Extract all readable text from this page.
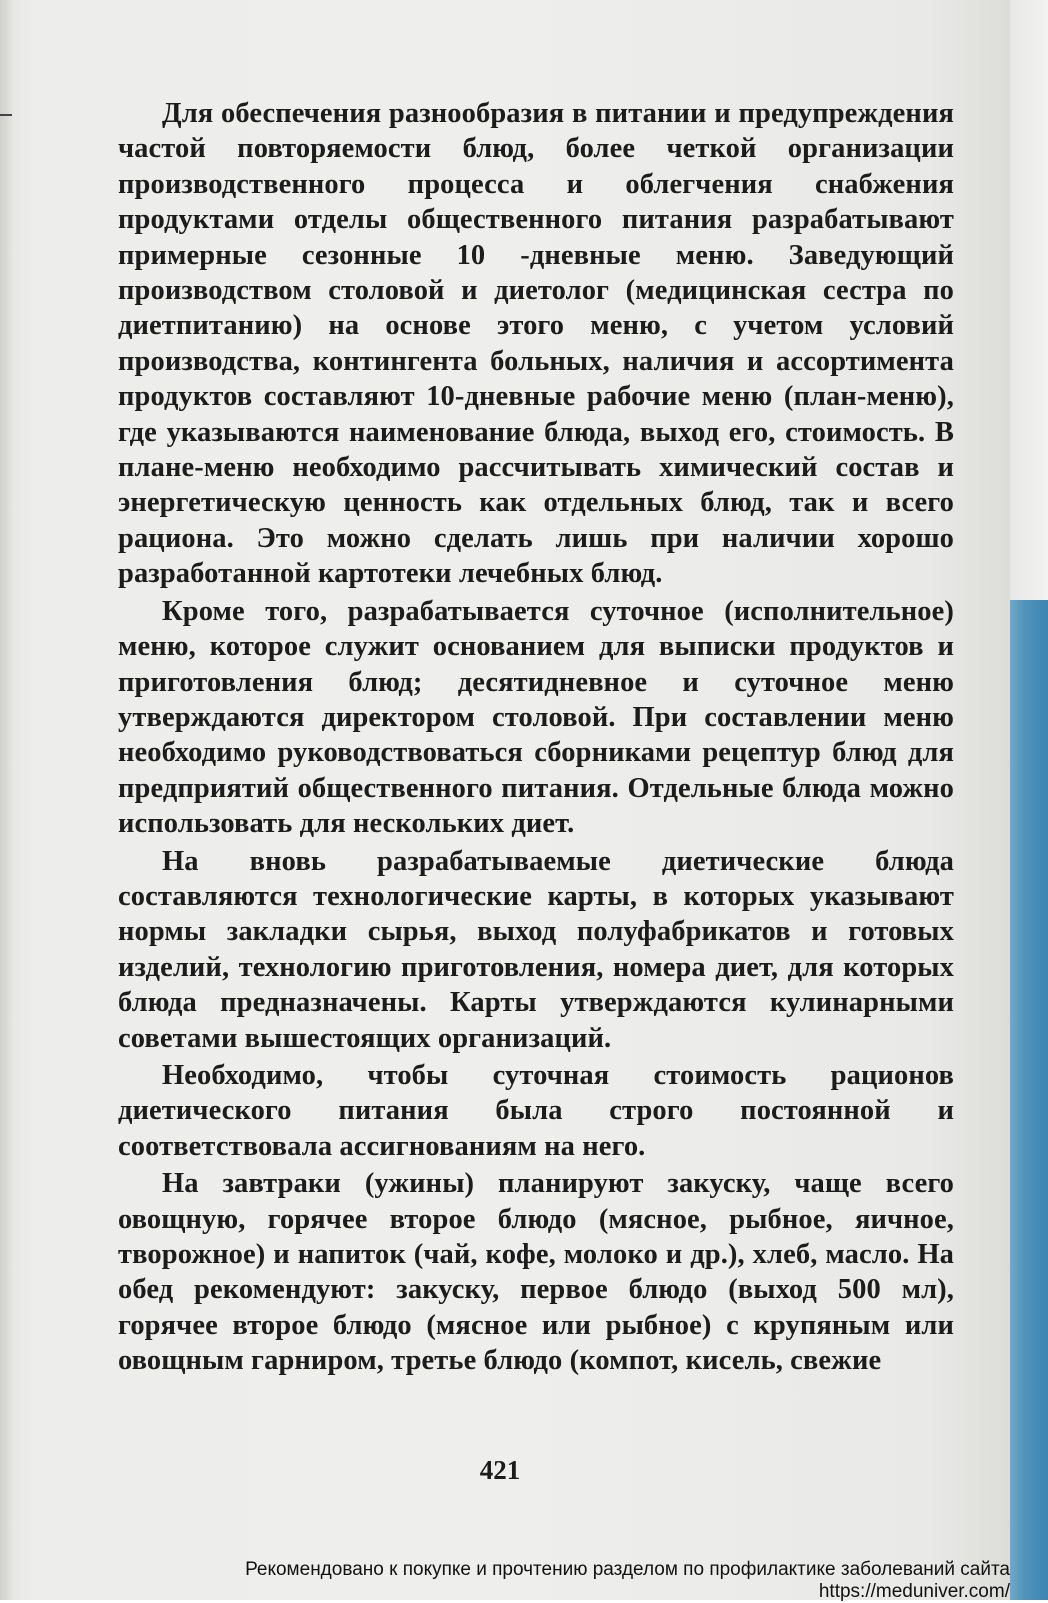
Для обеспечения разнообразия в питании и предупреждения частой повторяемости блюд, более четкой организации производственного процесса и облегчения снабжения продуктами отделы общественного питания разрабатывают примерные сезонные 10 -дневные меню. Заведующий производством столовой и диетолог (медицинская сестра по диетпитанию) на основе этого меню, с учетом условий производства, контингента больных, наличия и ассортимента продуктов составляют 10-дневные рабочие меню (план-меню), где указываются наименование блюда, выход его, стоимость. В плане-меню необходимо рассчитывать химический состав и энергетическую ценность как отдельных блюд, так и всего рациона. Это можно сделать лишь при наличии хорошо разработанной картотеки лечебных блюд.

Кроме того, разрабатывается суточное (исполнительное) меню, которое служит основанием для выписки продуктов и приготовления блюд; десятидневное и суточное меню утверждаются директором столовой. При составлении меню необходимо руководствоваться сборниками рецептур блюд для предприятий общественного питания. Отдельные блюда можно использовать для нескольких диет.

На вновь разрабатываемые диетические блюда составляются технологические карты, в которых указывают нормы закладки сырья, выход полуфабрикатов и готовых изделий, технологию приготовления, номера диет, для которых блюда предназначены. Карты утверждаются кулинарными советами вышестоящих организаций.

Необходимо, чтобы суточная стоимость рационов диетического питания была строго постоянной и соответствовала ассигнованиям на него.

На завтраки (ужины) планируют закуску, чаще всего овощную, горячее второе блюдо (мясное, рыбное, яичное, творожное) и напиток (чай, кофе, молоко и др.), хлеб, масло. На обед рекомендуют: закуску, первое блюдо (выход 500 мл), горячее второе блюдо (мясное или рыбное) с крупяным или овощным гарниром, третье блюдо (компот, кисель, свежие

421
Рекомендовано к покупке и прочтению разделом по профилактике заболеваний сайта https://meduniver.com/
